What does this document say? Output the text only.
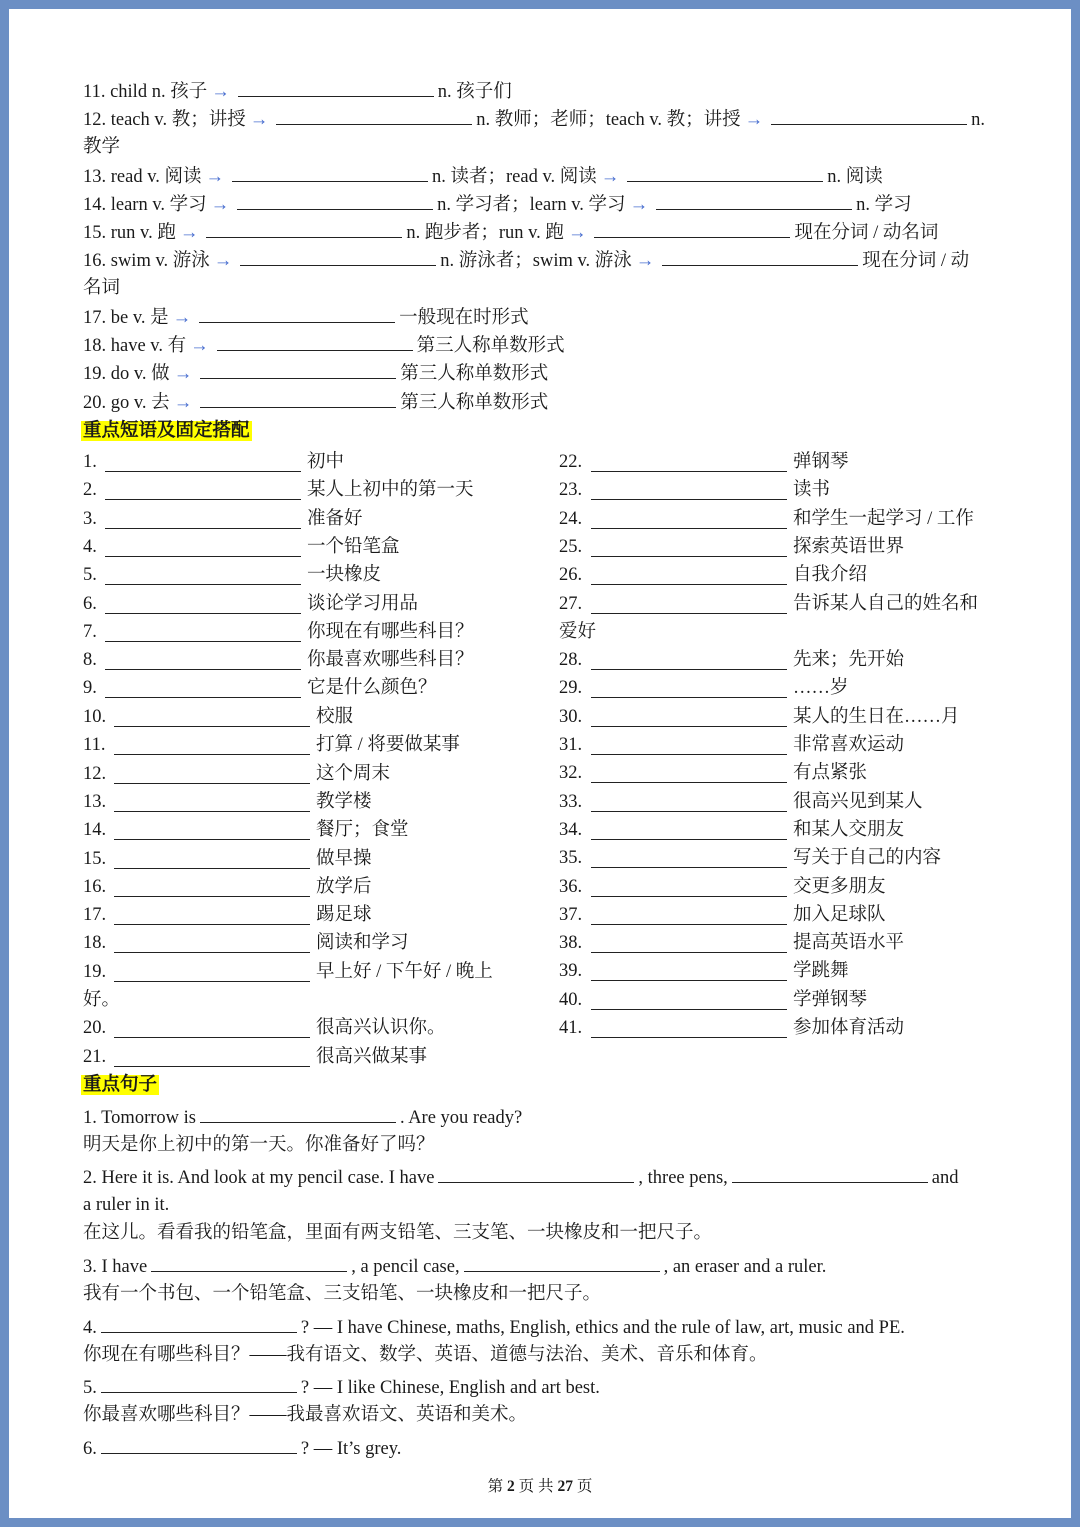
11. child n. 孩子 →	n. 孩子们
12. teach v. 教；讲授 →	n. 教师；老师；teach v. 教；讲授 →	n.
教学
13. read v. 阅读 →	n. 读者；read v. 阅读 →	n. 阅读
14. learn v. 学习 →	n. 学习者；learn v. 学习 →	n. 学习
15. run v. 跑 →	n. 跑步者；run v. 跑 →	现在分词 / 动名词
16. swim v. 游泳 →	n. 游泳者；swim v. 游泳 →	现在分词 / 动
名词
17. be v. 是 →	一般现在时形式
18. have v. 有 →	第三人称单数形式
19. do v. 做 →	第三人称单数形式
20. go v. 去 →	第三人称单数形式
重点短语及固定搭配
1.	初中
2.	某人上初中的第一天
3.	准备好
4.	一个铅笔盒
5.	一块橡皮
6.	谈论学习用品
7.	你现在有哪些科目？
8.	你最喜欢哪些科目？
9.	它是什么颜色？
10.	校服
11.	打算 / 将要做某事
12.	这个周末
13.	教学楼
14.	餐厅；食堂
15.	做早操
16.	放学后
17.	踢足球
18.	阅读和学习
19.	早上好 / 下午好 / 晚上
好。
20.	很高兴认识你。
21.	很高兴做某事
22.	弹钢琴
23.	读书
24.	和学生一起学习 / 工作
25.	探索英语世界
26.	自我介绍
27.	告诉某人自己的姓名和
爱好
28.	先来；先开始
29.	……岁
30.	某人的生日在……月
31.	非常喜欢运动
32.	有点紧张
33.	很高兴见到某人
34.	和某人交朋友
35.	写关于自己的内容
36.	交更多朋友
37.	加入足球队
38.	提高英语水平
39.	学跳舞
40.	学弹钢琴
41.	参加体育活动
重点句子
1. Tomorrow is	. Are you ready?
明天是你上初中的第一天。你准备好了吗？
2. Here it is. And look at my pencil case. I have	, three pens,	and
a ruler in it.
在这儿。看看我的铅笔盒，里面有两支铅笔、三支笔、一块橡皮和一把尺子。
3. I have	, a pencil case,	, an eraser and a ruler.
我有一个书包、一个铅笔盒、三支铅笔、一块橡皮和一把尺子。
4.	? — I have Chinese, maths, English, ethics and the rule of law, art, music and PE.
你现在有哪些科目？——我有语文、数学、英语、道德与法治、美术、音乐和体育。
5.	? — I like Chinese, English and art best.
你最喜欢哪些科目？——我最喜欢语文、英语和美术。
6.	? — It’s grey.
第 2 页 共 27 页
